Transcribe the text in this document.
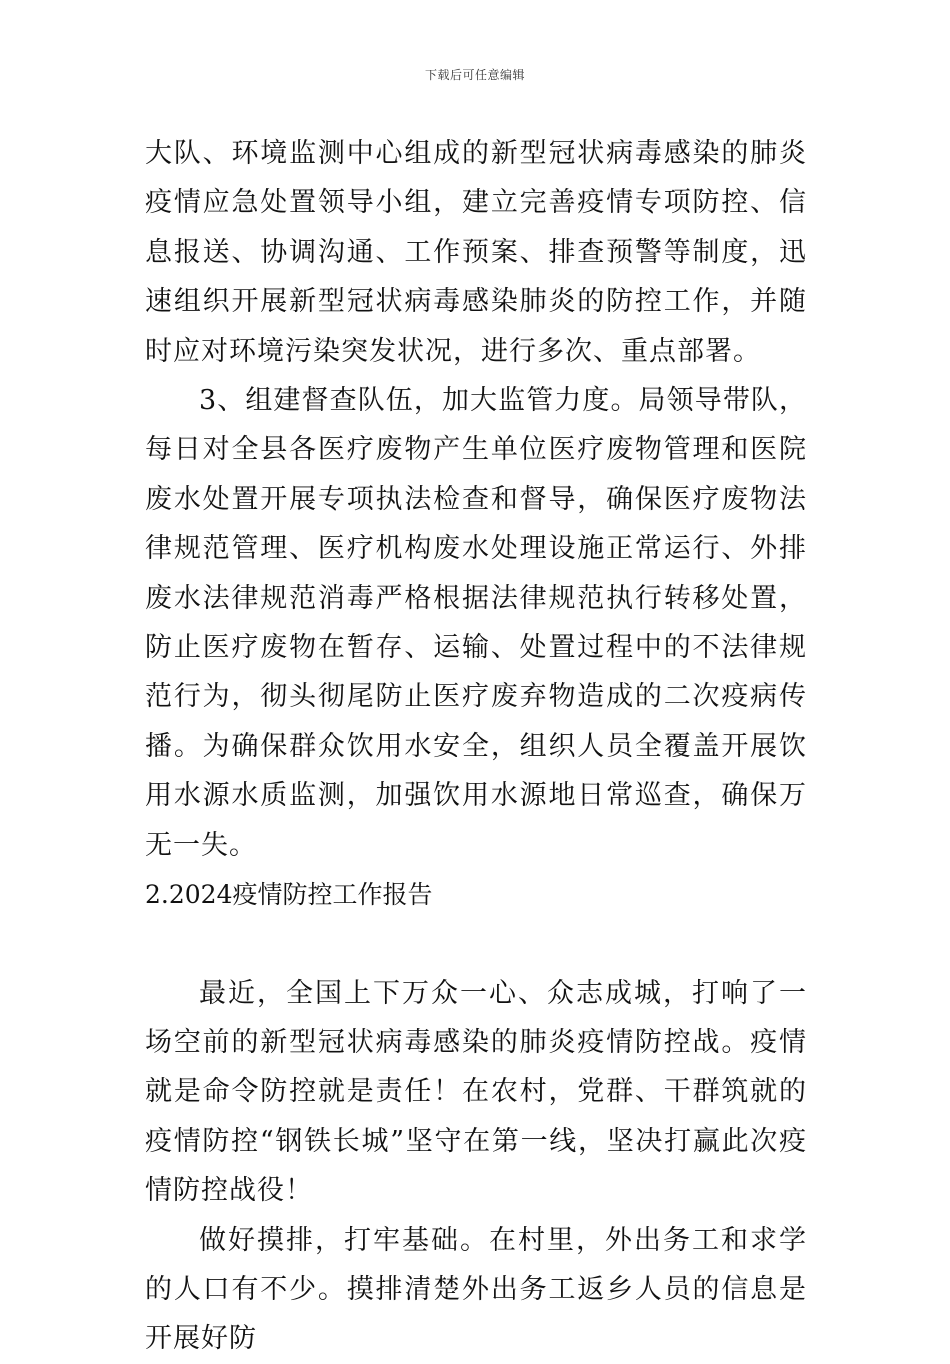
下载后可任意编辑

大队、环境监测中心组成的新型冠状病毒感染的肺炎疫情应急处置领导小组，建立完善疫情专项防控、信息报送、协调沟通、工作预案、排查预警等制度，迅速组织开展新型冠状病毒感染肺炎的防控工作，并随时应对环境污染突发状况，进行多次、重点部署。

3、组建督查队伍，加大监管力度。局领导带队，每日对全县各医疗废物产生单位医疗废物管理和医院废水处置开展专项执法检查和督导，确保医疗废物法律规范管理、医疗机构废水处理设施正常运行、外排废水法律规范消毒严格根据法律规范执行转移处置，防止医疗废物在暂存、运输、处置过程中的不法律规范行为，彻头彻尾防止医疗废弃物造成的二次疫病传播。为确保群众饮用水安全，组织人员全覆盖开展饮用水源水质监测，加强饮用水源地日常巡查，确保万无一失。

2.2024疫情防控工作报告

最近，全国上下万众一心、众志成城，打响了一场空前的新型冠状病毒感染的肺炎疫情防控战。疫情就是命令防控就是责任！在农村，党群、干群筑就的疫情防控“钢铁长城”坚守在第一线，坚决打赢此次疫情防控战役！

做好摸排，打牢基础。在村里，外出务工和求学的人口有不少。摸排清楚外出务工返乡人员的信息是开展好防
